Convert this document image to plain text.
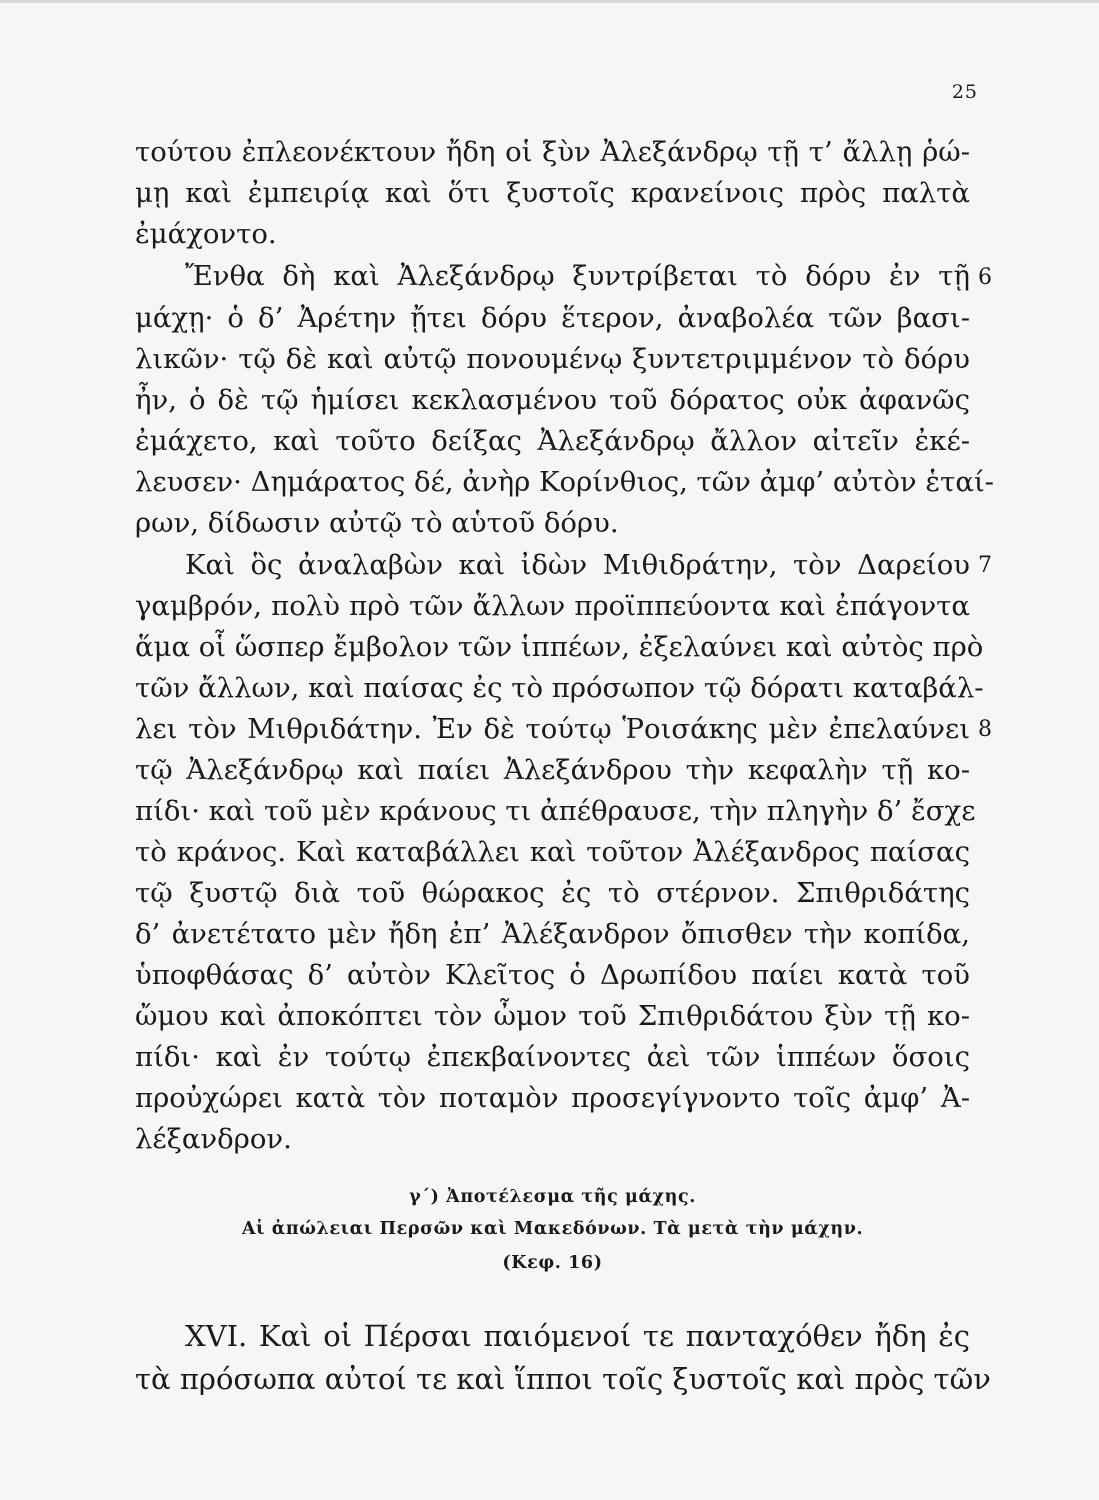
25
τούτου ἐπλεονέκτουν ἤδη οἱ ξὺν Ἀλεξάνδρῳ τῇ τ’ ἄλλῃ ῥώ-
μῃ καὶ ἐμπειρίᾳ καὶ ὅτι ξυστοῖς κρανείνοις πρὸς παλτὰ
ἐμάχοντο.
Ἔνθα δὴ καὶ Ἀλεξάνδρῳ ξυντρίβεται τὸ δόρυ ἐν τῇ 6
μάχῃ· ὁ δ’ Ἀρέτην ᾔτει δόρυ ἕτερον, ἀναβολέα τῶν βασι-
λικῶν· τῷ δὲ καὶ αὐτῷ πονουμένῳ ξυντετριμμένον τὸ δόρυ
ἦν, ὁ δὲ τῷ ἡμίσει κεκλασμένου τοῦ δόρατος οὐκ ἀφανῶς
ἐμάχετο, καὶ τοῦτο δείξας Ἀλεξάνδρῳ ἄλλον αἰτεῖν ἐκέ-
λευσεν· Δημάρατος δέ, ἀνὴρ Κορίνθιος, τῶν ἀμφ’ αὐτὸν ἑταί-
ρων, δίδωσιν αὐτῷ τὸ αὑτοῦ δόρυ.
Καὶ ὃς ἀναλαβὼν καὶ ἰδὼν Μιθιδράτην, τὸν Δαρείου 7
γαμβρόν, πολὺ πρὸ τῶν ἄλλων προϊππεύοντα καὶ ἐπάγοντα
ἅμα οἷ ὥσπερ ἔμβολον τῶν ἱππέων, ἐξελαύνει καὶ αὐτὸς πρὸ
τῶν ἄλλων, καὶ παίσας ἐς τὸ πρόσωπον τῷ δόρατι καταβάλ-
λει τὸν Μιθριδάτην. Ἐν δὲ τούτῳ Ῥοισάκης μὲν ἐπελαύνει 8
τῷ Ἀλεξάνδρῳ καὶ παίει Ἀλεξάνδρου τὴν κεφαλὴν τῇ κο-
πίδι· καὶ τοῦ μὲν κράνους τι ἀπέθραυσε, τὴν πληγὴν δ’ ἔσχε
τὸ κράνος. Καὶ καταβάλλει καὶ τοῦτον Ἀλέξανδρος παίσας
τῷ ξυστῷ διὰ τοῦ θώρακος ἐς τὸ στέρνον. Σπιθριδάτης
δ’ ἀνετέτατο μὲν ἤδη ἐπ’ Ἀλέξανδρον ὄπισθεν τὴν κοπίδα,
ὑποφθάσας δ’ αὐτὸν Κλεῖτος ὁ Δρωπίδου παίει κατὰ τοῦ
ὤμου καὶ ἀποκόπτει τὸν ὦμον τοῦ Σπιθριδάτου ξὺν τῇ κο-
πίδι· καὶ ἐν τούτῳ ἐπεκβαίνοντες ἀεὶ τῶν ἱππέων ὅσοις
προὐχώρει κατὰ τὸν ποταμὸν προσεγίγνοντο τοῖς ἀμφ’ Ἀ-
λέξανδρον.
γ΄) Ἀποτέλεσμα τῆς μάχης.
Αἱ ἀπώλειαι Περσῶν καὶ Μακεδόνων. Τὰ μετὰ τὴν μάχην.
(Κεφ. 16)
XVI. Καὶ οἱ Πέρσαι παιόμενοί τε πανταχόθεν ἤδη ἐς
τὰ πρόσωπα αὐτοί τε καὶ ἵπποι τοῖς ξυστοῖς καὶ πρὸς τῶν
